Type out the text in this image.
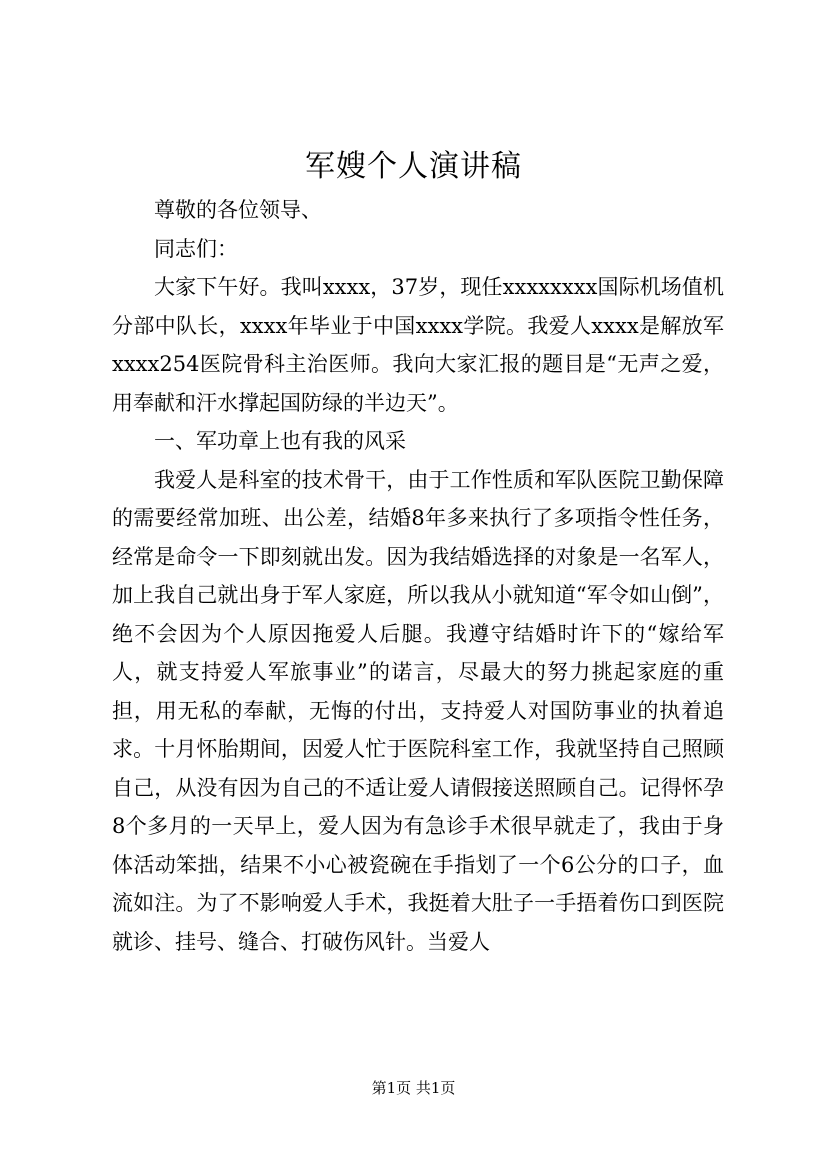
军嫂个人演讲稿

尊敬的各位领导、

同志们：

大家下午好。我叫xxxx，37岁，现任xxxxxxxx国际机场值机分部中队长，xxxx年毕业于中国xxxx学院。我爱人xxxx是解放军xxxx254医院骨科主治医师。我向大家汇报的题目是“无声之爱，用奉献和汗水撑起国防绿的半边天”。

一、军功章上也有我的风采

我爱人是科室的技术骨干，由于工作性质和军队医院卫勤保障的需要经常加班、出公差，结婚8年多来执行了多项指令性任务，经常是命令一下即刻就出发。因为我结婚选择的对象是一名军人，加上我自己就出身于军人家庭，所以我从小就知道“军令如山倒”，绝不会因为个人原因拖爱人后腿。我遵守结婚时许下的“嫁给军人，就支持爱人军旅事业”的诺言，尽最大的努力挑起家庭的重担，用无私的奉献，无悔的付出，支持爱人对国防事业的执着追求。十月怀胎期间，因爱人忙于医院科室工作，我就坚持自己照顾自己，从没有因为自己的不适让爱人请假接送照顾自己。记得怀孕8个多月的一天早上，爱人因为有急诊手术很早就走了，我由于身体活动笨拙，结果不小心被瓷碗在手指划了一个6公分的口子，血流如注。为了不影响爱人手术，我挺着大肚子一手捂着伤口到医院就诊、挂号、缝合、打破伤风针。当爱人

第1页 共1页
